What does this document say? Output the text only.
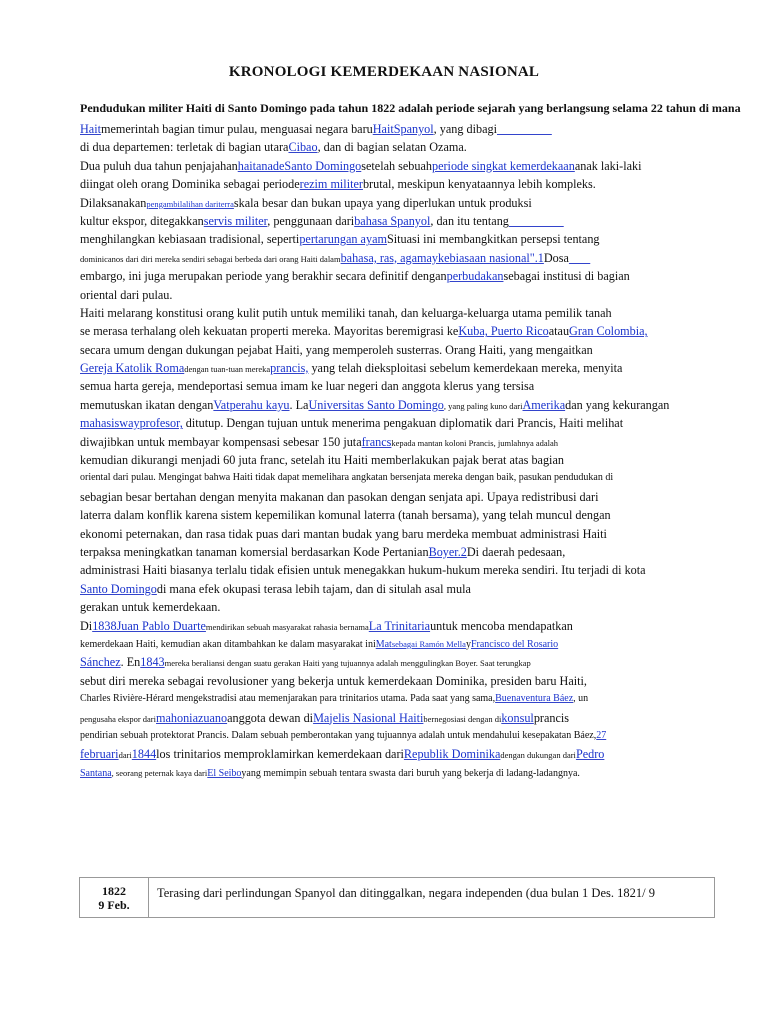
KRONOLOGI KEMERDEKAAN NASIONAL
Pendudukan militer Haiti di Santo Domingo pada tahun 1822 adalah periode sejarah yang berlangsung selama 22 tahun di mana
Haitmemerintah bagian timur pulau, menguasai negara baruHaitSpanyol, yang dibagi
di dua departemen: terletak di bagian utaraCibao, dan di bagian selatan Ozama.
Dua puluh dua tahun penjajahanhaitanadeSanto Domingosetelah sebuahperiode singkat kemerdekaananak laki-laki
diingat oleh orang Dominika sebagai perioderezim militerbrutal, meskipun kenyataannya lebih kompleks.
Dilaksanakanpengambilalihan dariterraskala besar dan bukan upaya yang diperlukan untuk produksi
kultur ekspor, ditegakkanservis militer, penggunaan daribahasa Spanyol, dan itu tentang
menghilangkan kebiasaan tradisional, sepertipertarungan ayamSituasi ini membangkitkan persepsi tentang
dominicanos dari diri mereka sendiri sebagai berbeda dari orang Haiti dalambahasa, ras, agamaykebiasaan nasional".1Dosa
embargo, ini juga merupakan periode yang berakhir secara definitif denganperbudakansebagai institusi di bagian
oriental dari pulau.
Haiti melarang konstitusi orang kulit putih untuk memiliki tanah, dan keluarga-keluarga utama pemilik tanah
se merasa terhalang oleh kekuatan properti mereka. Mayoritas beremigrasi keKuba, Puerto RicoatauGran Colombia,
secara umum dengan dukungan pejabat Haiti, yang memperoleh susterras. Orang Haiti, yang mengaitkan
Gereja Katolik Romadengan tuan-tuan merekaprancis, yang telah dieksploitasi sebelum kemerdekaan mereka, menyita
semua harta gereja, mendeportasi semua imam ke luar negeri dan anggota klerus yang tersisa
memutuskan ikatan denganVatperahu kayu. LaUniversitas Santo Domingo, yang paling kuno dariAmerikadan yang kekurangan
mahasiswayprofesor, ditutup. Dengan tujuan untuk menerima pengakuan diplomatik dari Prancis, Haiti melihat
diwajibkan untuk membayar kompensasi sebesar 150 jutafrancskepada mantan koloni Prancis, jumlahnya adalah
kemudian dikurangi menjadi 60 juta franc, setelah itu Haiti memberlakukan pajak berat atas bagian
oriental dari pulau. Mengingat bahwa Haiti tidak dapat memelihara angkatan bersenjata mereka dengan baik, pasukan pendudukan di
sebagian besar bertahan dengan menyita makanan dan pasokan dengan senjata api. Upaya redistribusi dari
laterra dalam konflik karena sistem kepemilikan komunal laterra (tanah bersama), yang telah muncul dengan
ekonomi peternakan, dan rasa tidak puas dari mantan budak yang baru merdeka membuat administrasi Haiti
terpaksa meningkatkan tanaman komersial berdasarkan Kode PertanianBoyer.2Di daerah pedesaan,
administrasi Haiti biasanya terlalu tidak efisien untuk menegakkan hukum-hukum mereka sendiri. Itu terjadi di kota
Santo Domingodi mana efek okupasi terasa lebih tajam, dan di situlah asal mula
gerakan untuk kemerdekaan.
Di1838Juan Pablo Duartemendirikan sebuah masyarakat rahasia bernamaLa Trinitariauntuk mencoba mendapatkan
kemerdekaan Haiti, kemudian akan ditambahkan ke dalam masyarakat iniMatsebagai Ramón MellayFrancisco del Rosario
Sánchez. En1843mereka beraliansi dengan suatu gerakan Haiti yang tujuannya adalah menggulingkan Boyer. Saat terungkap
sebut diri mereka sebagai revolusioner yang bekerja untuk kemerdekaan Dominika, presiden baru Haiti,
Charles Rivière-Hérard mengekstradisi atau memenjarakan para trinitarios utama. Pada saat yang sama,Buenaventura Báez, un
pengusaha ekspor darimahoniazuanoanggota dewan diMajelis Nasional Haitibernegosiasi dengan dikonsulprancis
pendirian sebuah protektorat Prancis. Dalam sebuah pemberontakan yang tujuannya adalah untuk mendahului kesepakatan Báez,27
februaridari1844los trinitarios memproklamirkan kemerdekaan dariRepublik Dominikadengan dukungan dariPedro
Santana, seorang peternak kaya dariEl Seiboyang memimpin sebuah tentara swasta dari buruh yang bekerja di ladang-ladangnya.
1822
9 Feb.
Terasing dari perlindungan Spanyol dan ditinggalkan, negara independen (dua bulan 1 Des. 1821/ 9
